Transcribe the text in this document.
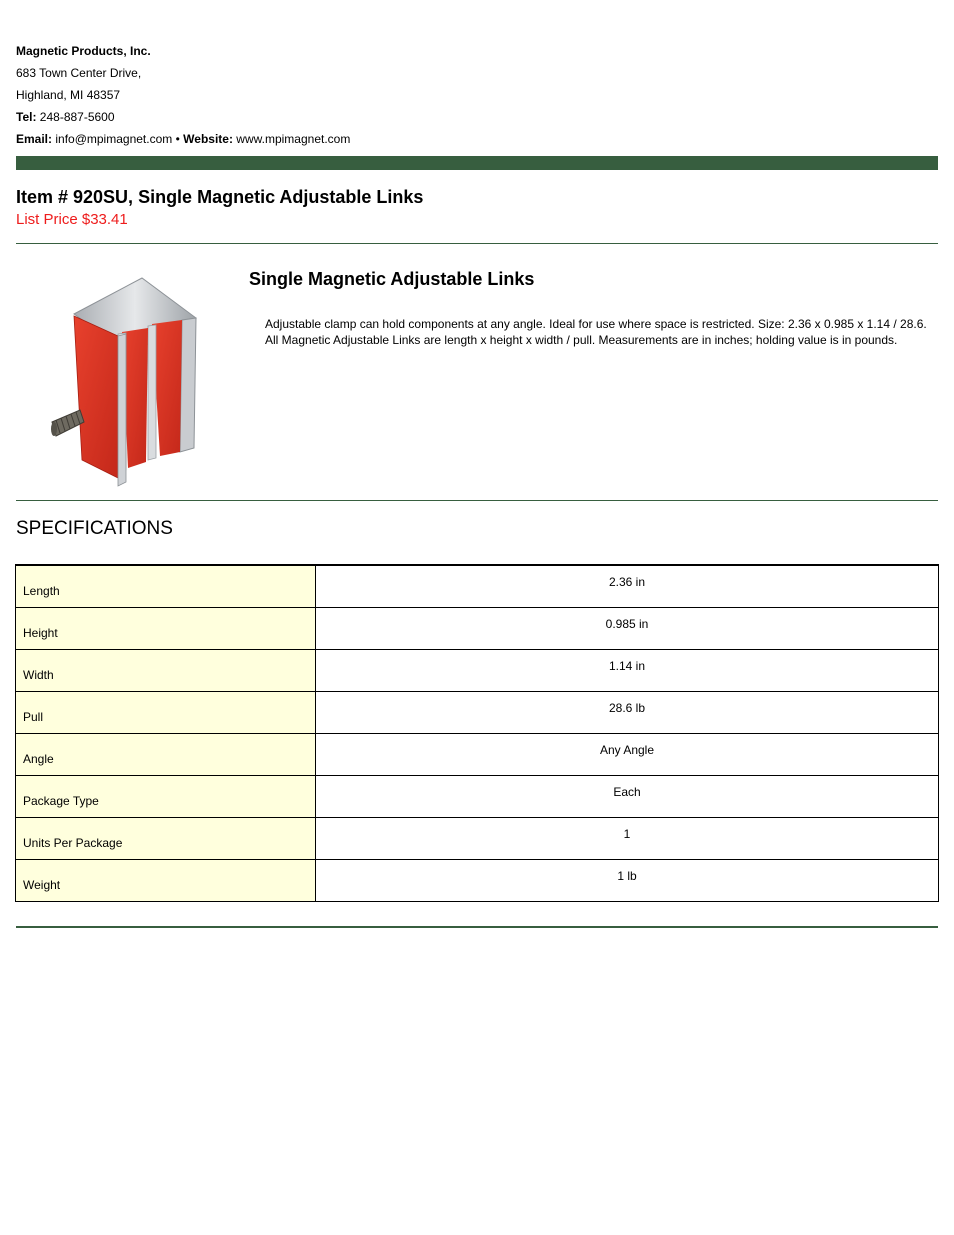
Magnetic Products, Inc.
683 Town Center Drive,
Highland, MI 48357
Tel: 248-887-5600
Email: info@mpimagnet.com • Website: www.mpimagnet.com
Item # 920SU, Single Magnetic Adjustable Links
List Price $33.41
Single Magnetic Adjustable Links
Adjustable clamp can hold components at any angle. Ideal for use where space is restricted. Size: 2.36 x 0.985 x 1.14 / 28.6. All Magnetic Adjustable Links are length x height x width / pull. Measurements are in inches; holding value is in pounds.
SPECIFICATIONS
Length	2.36 in
Height	0.985 in
Width	1.14 in
Pull	28.6 lb
Angle	Any Angle
Package Type	Each
Units Per Package	1
Weight	1 lb
